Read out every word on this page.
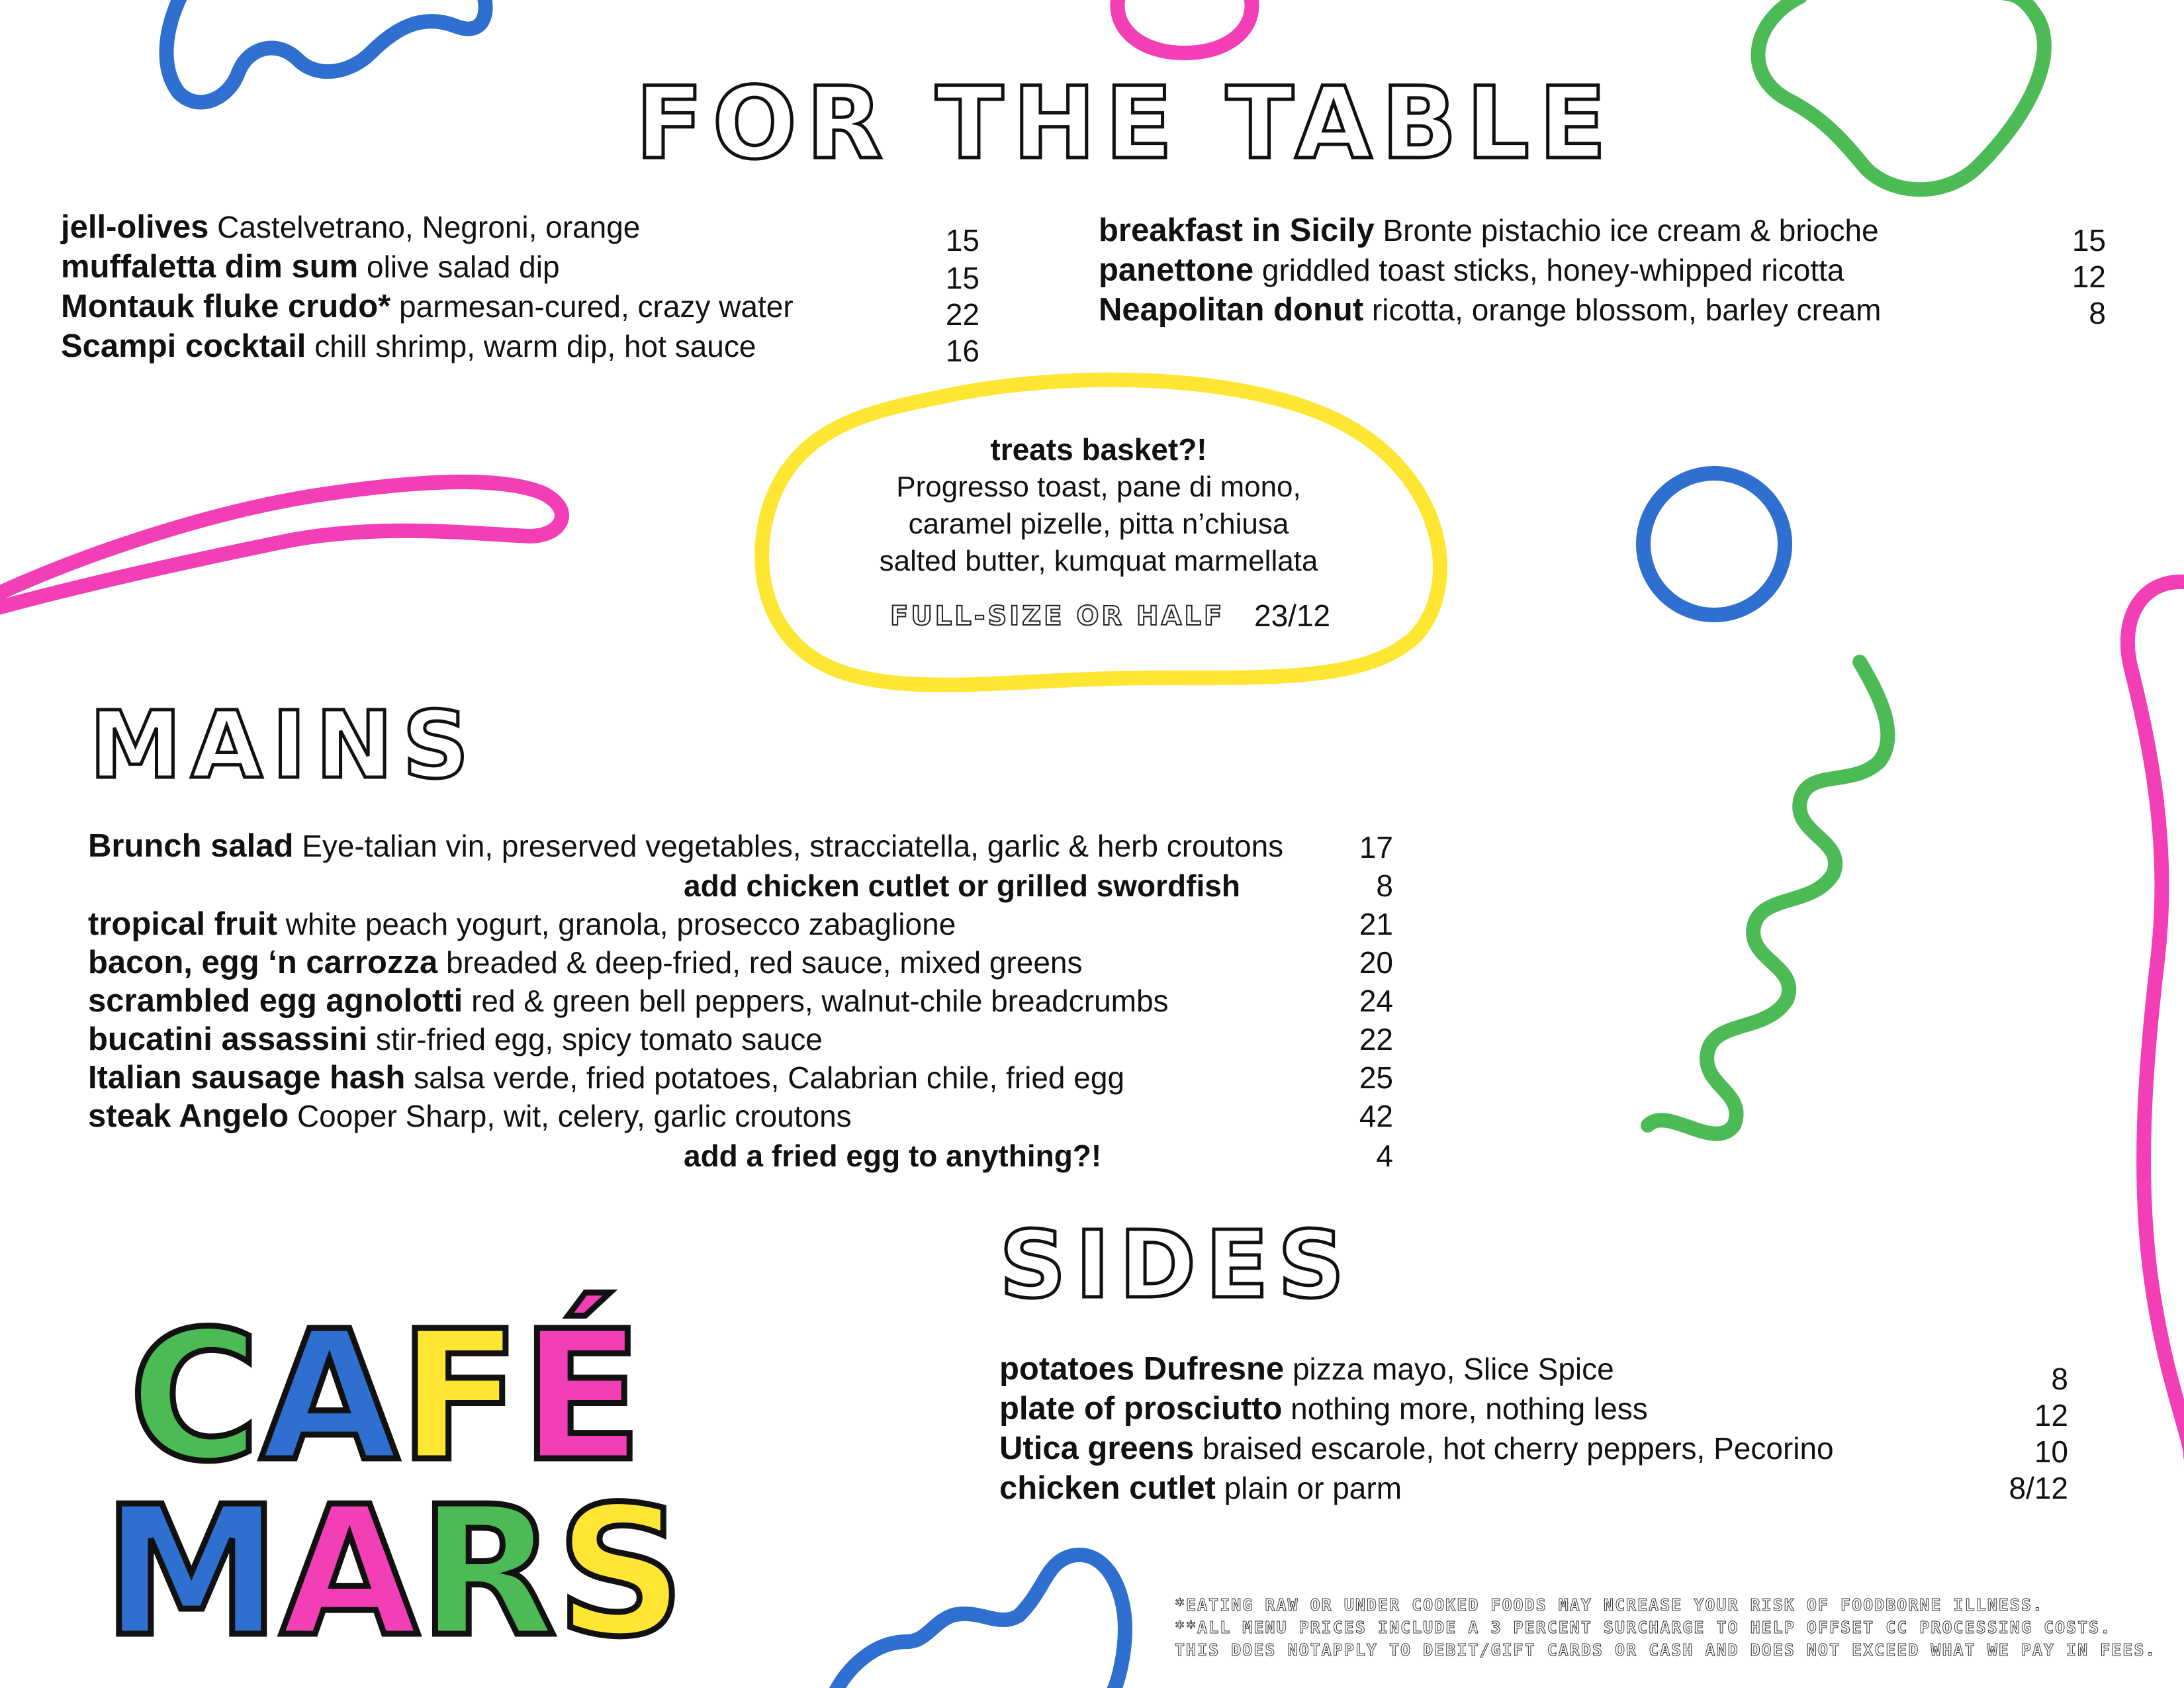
FOR THE TABLE
jell-olives Castelvetrano, Negroni, orange
muffaletta dim sum olive salad dip
Montauk fluke crudo* parmesan-cured, crazy water
Scampi cocktail chill shrimp, warm dip, hot sauce
15
15
22
16
breakfast in Sicily Bronte pistachio ice cream & brioche
panettone griddled toast sticks, honey-whipped ricotta
Neapolitan donut ricotta, orange blossom, barley cream
15
12
8
treats basket?!
Progresso toast, pane di mono,
caramel pizelle, pitta n’chiusa
salted butter, kumquat marmellata
FULL-SIZE OR HALF 23/12
MAINS
Brunch salad Eye-talian vin, preserved vegetables, stracciatella, garlic & herb croutons
add chicken cutlet or grilled swordfish
tropical fruit white peach yogurt, granola, prosecco zabaglione
bacon, egg ‘n carrozza breaded & deep-fried, red sauce, mixed greens
scrambled egg agnolotti red & green bell peppers, walnut-chile breadcrumbs
bucatini assassini stir-fried egg, spicy tomato sauce
Italian sausage hash salsa verde, fried potatoes, Calabrian chile, fried egg
steak Angelo Cooper Sharp, wit, celery, garlic croutons
add a fried egg to anything?!
17
8
21
20
24
22
25
42
4
SIDES
potatoes Dufresne pizza mayo, Slice Spice
plate of prosciutto nothing more, nothing less
Utica greens braised escarole, hot cherry peppers, Pecorino
chicken cutlet plain or parm
8
12
10
8/12
CAFÉ
MARS	*EATING RAW OR UNDER COOKED FOODS MAY NCREASE YOUR RISK OF FOODBORNE ILLNESS.
**ALL MENU PRICES INCLUDE A 3 PERCENT SURCHARGE TO HELP OFFSET CC PROCESSING COSTS.
THIS DOES NOTAPPLY TO DEBIT/GIFT CARDS OR CASH AND DOES NOT EXCEED WHAT WE PAY IN FEES.
